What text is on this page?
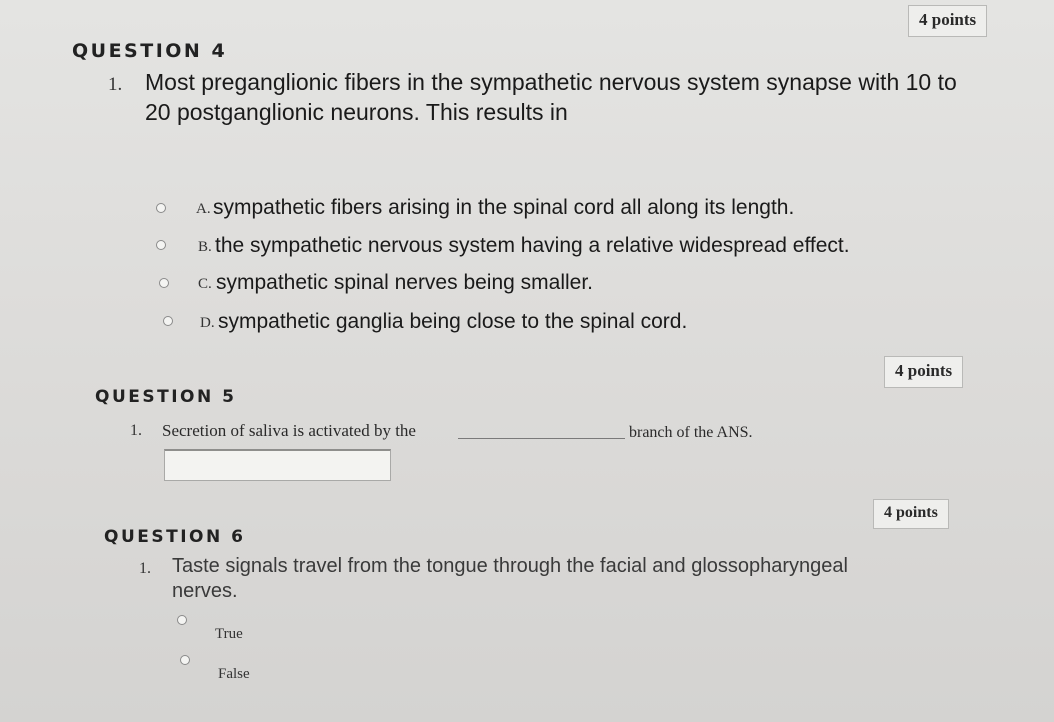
4 points
QUESTION 4
1. Most preganglionic fibers in the sympathetic nervous system synapse with 10 to
20 postganglionic neurons. This results in
A. sympathetic fibers arising in the spinal cord all along its length.
B. the sympathetic nervous system having a relative widespread effect.
C. sympathetic spinal nerves being smaller.
D. sympathetic ganglia being close to the spinal cord.
4 points
QUESTION 5
1. Secretion of saliva is activated by the	branch of the ANS.
4 points
QUESTION 6
1. Taste signals travel from the tongue through the facial and glossopharyngeal
nerves.
True
False
